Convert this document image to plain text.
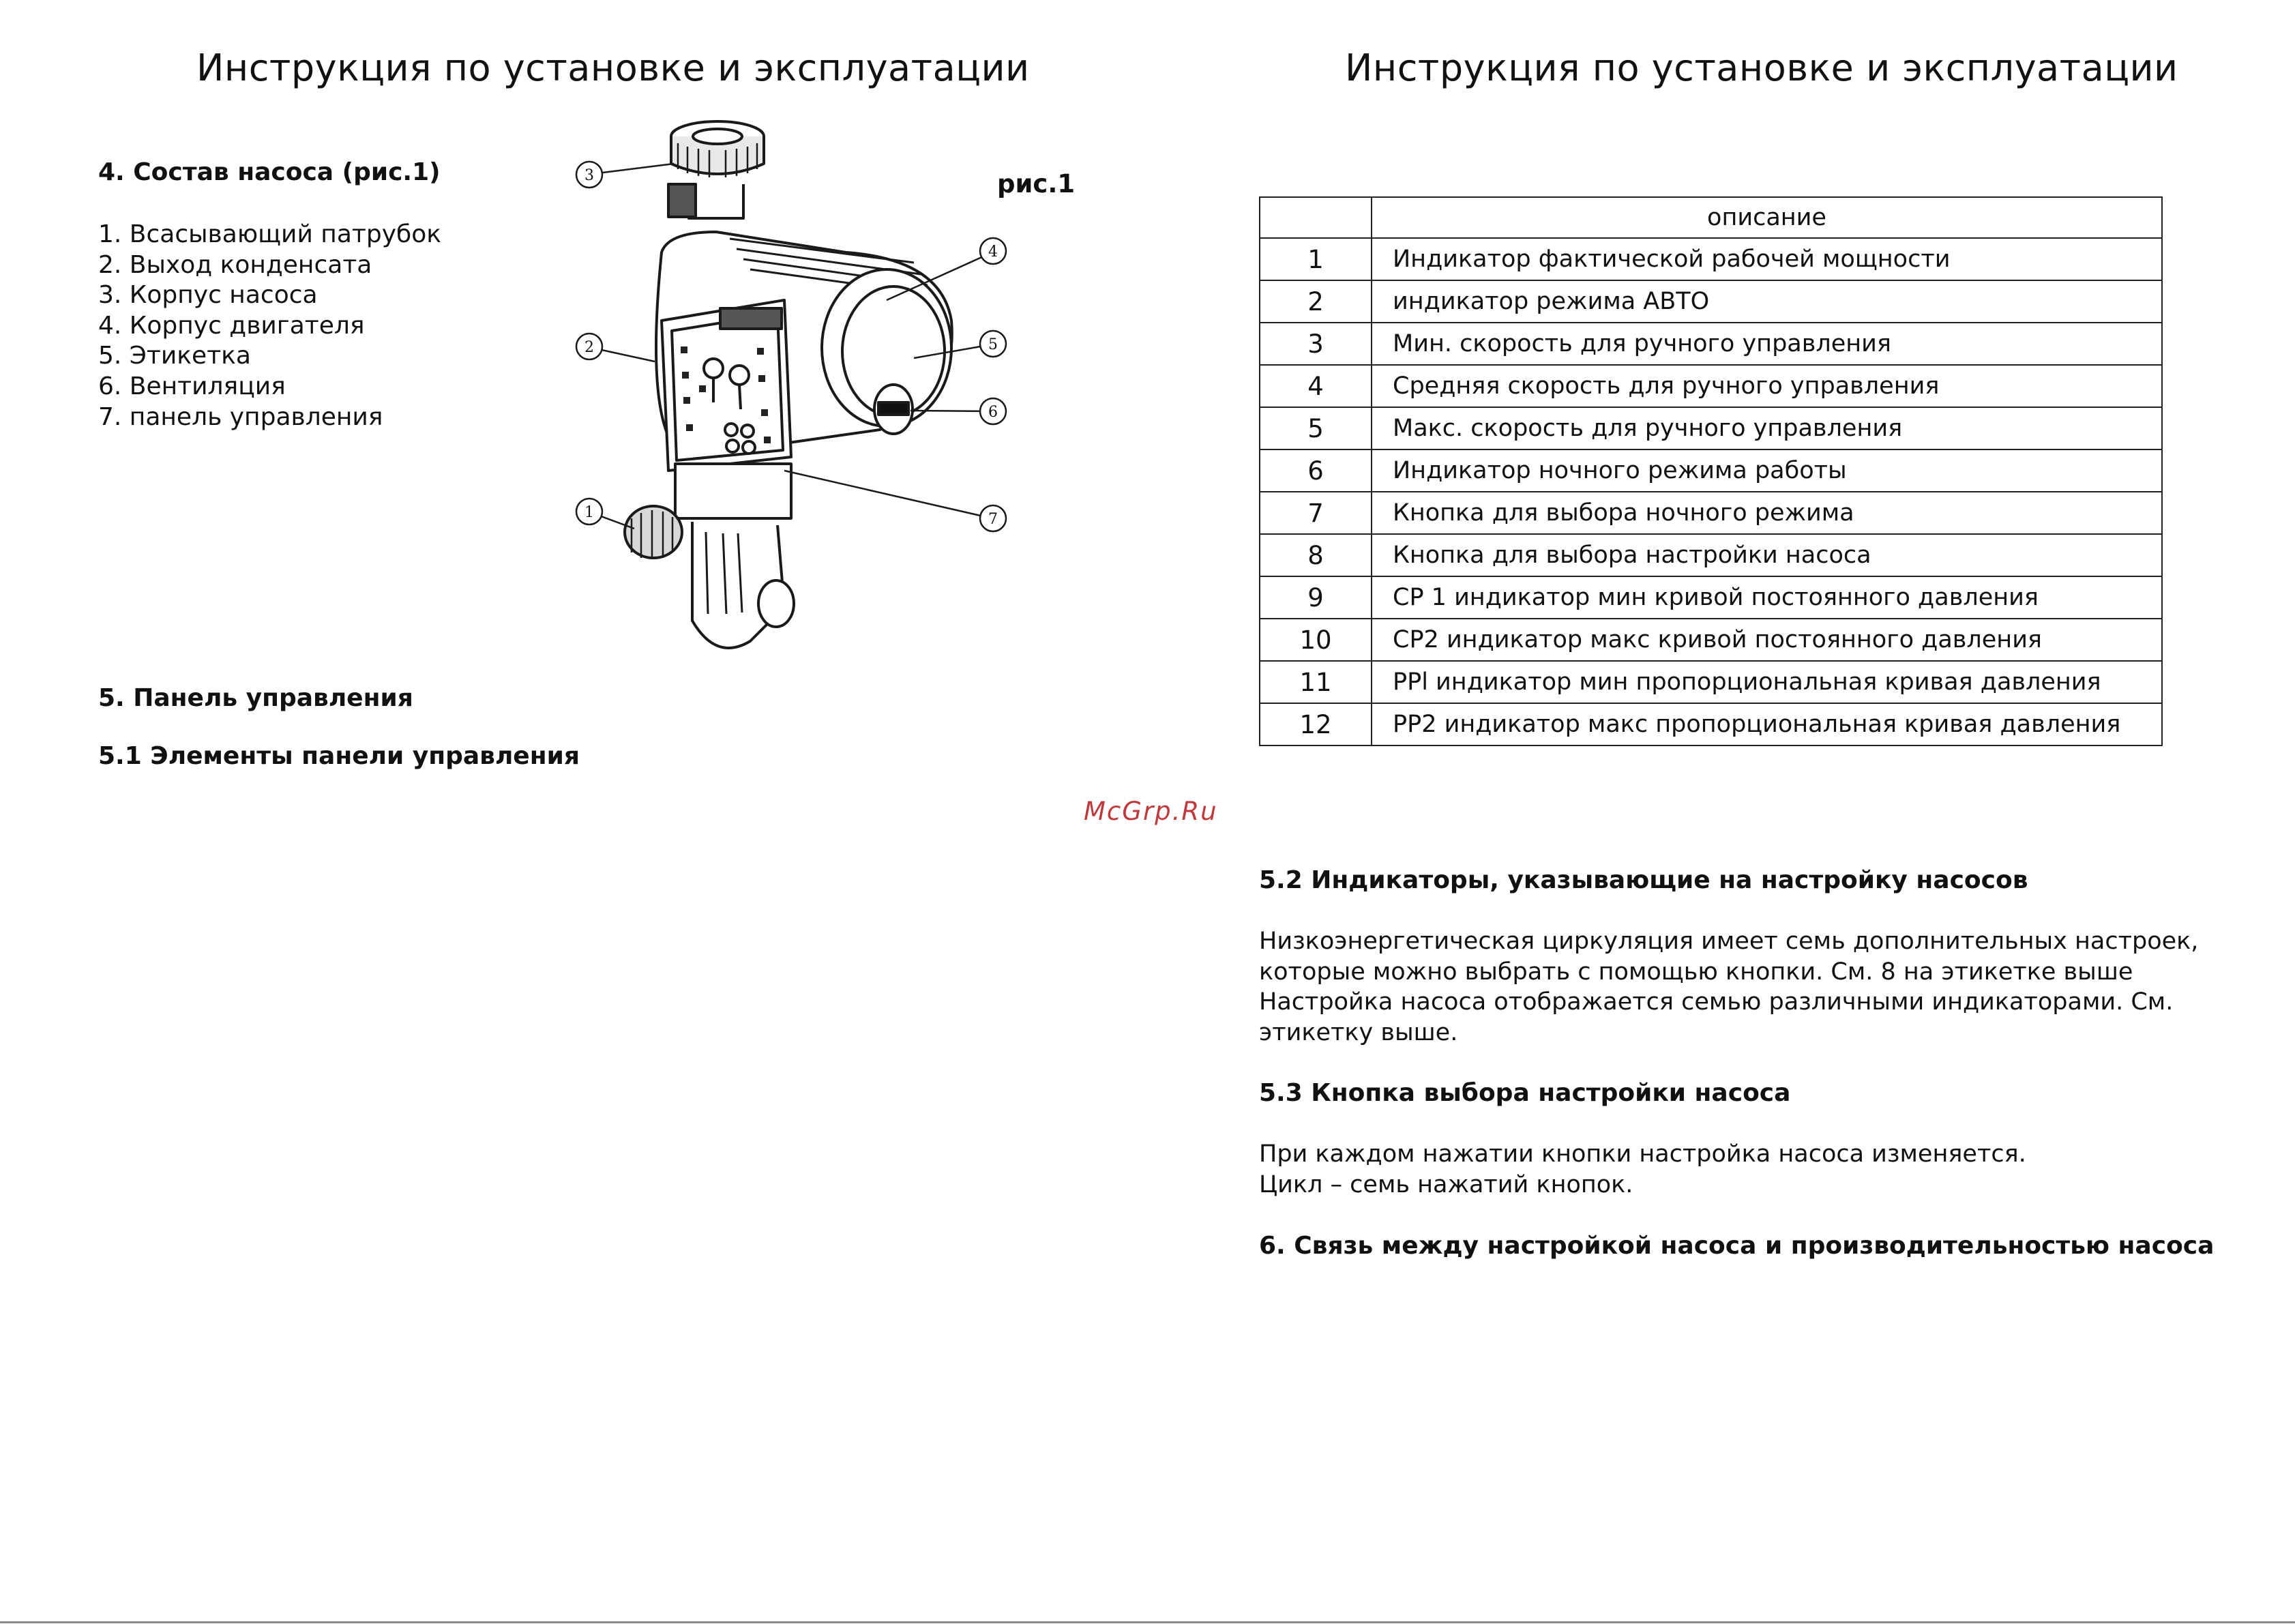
Инструкция по установке и эксплуатации
4. Состав насоса (рис.1)
1. Всасывающий патрубок
2. Выход конденсата
3. Корпус насоса
4. Корпус двигателя
5. Этикетка
6. Вентиляция
7. панель управления
рис.1
3
4
2	5
6
1	7
5. Панель управления
5.1 Элементы панели управления
McGrp.Ru
Инструкция по установке и эксплуатации
	описание
1	Индикатор фактической рабочей мощности
2	индикатор режима АВТО
3	Мин. скорость для ручного управления
4	Средняя скорость для ручного управления
5	Макс. скорость для ручного управления
6	Индикатор ночного режима работы
7	Кнопка для выбора ночного режима
8	Кнопка для выбора настройки насоса
9	CP 1 индикатор мин кривой постоянного давления
10	CP2 индикатор макс кривой постоянного давления
11	PPl индикатор мин пропорциональная кривая давления
12	PP2 индикатор макс пропорциональная кривая давления
5.2 Индикаторы, указывающие на настройку насосов
Низкоэнергетическая циркуляция имеет семь дополнительных настроек,
которые можно выбрать с помощью кнопки. См. 8 на этикетке выше
Настройка насоса отображается семью различными индикаторами. См.
этикетку выше.
5.3 Кнопка выбора настройки насоса
При каждом нажатии кнопки настройка насоса изменяется.
Цикл – семь нажатий кнопок.
6. Связь между настройкой насоса и производительностью насоса
